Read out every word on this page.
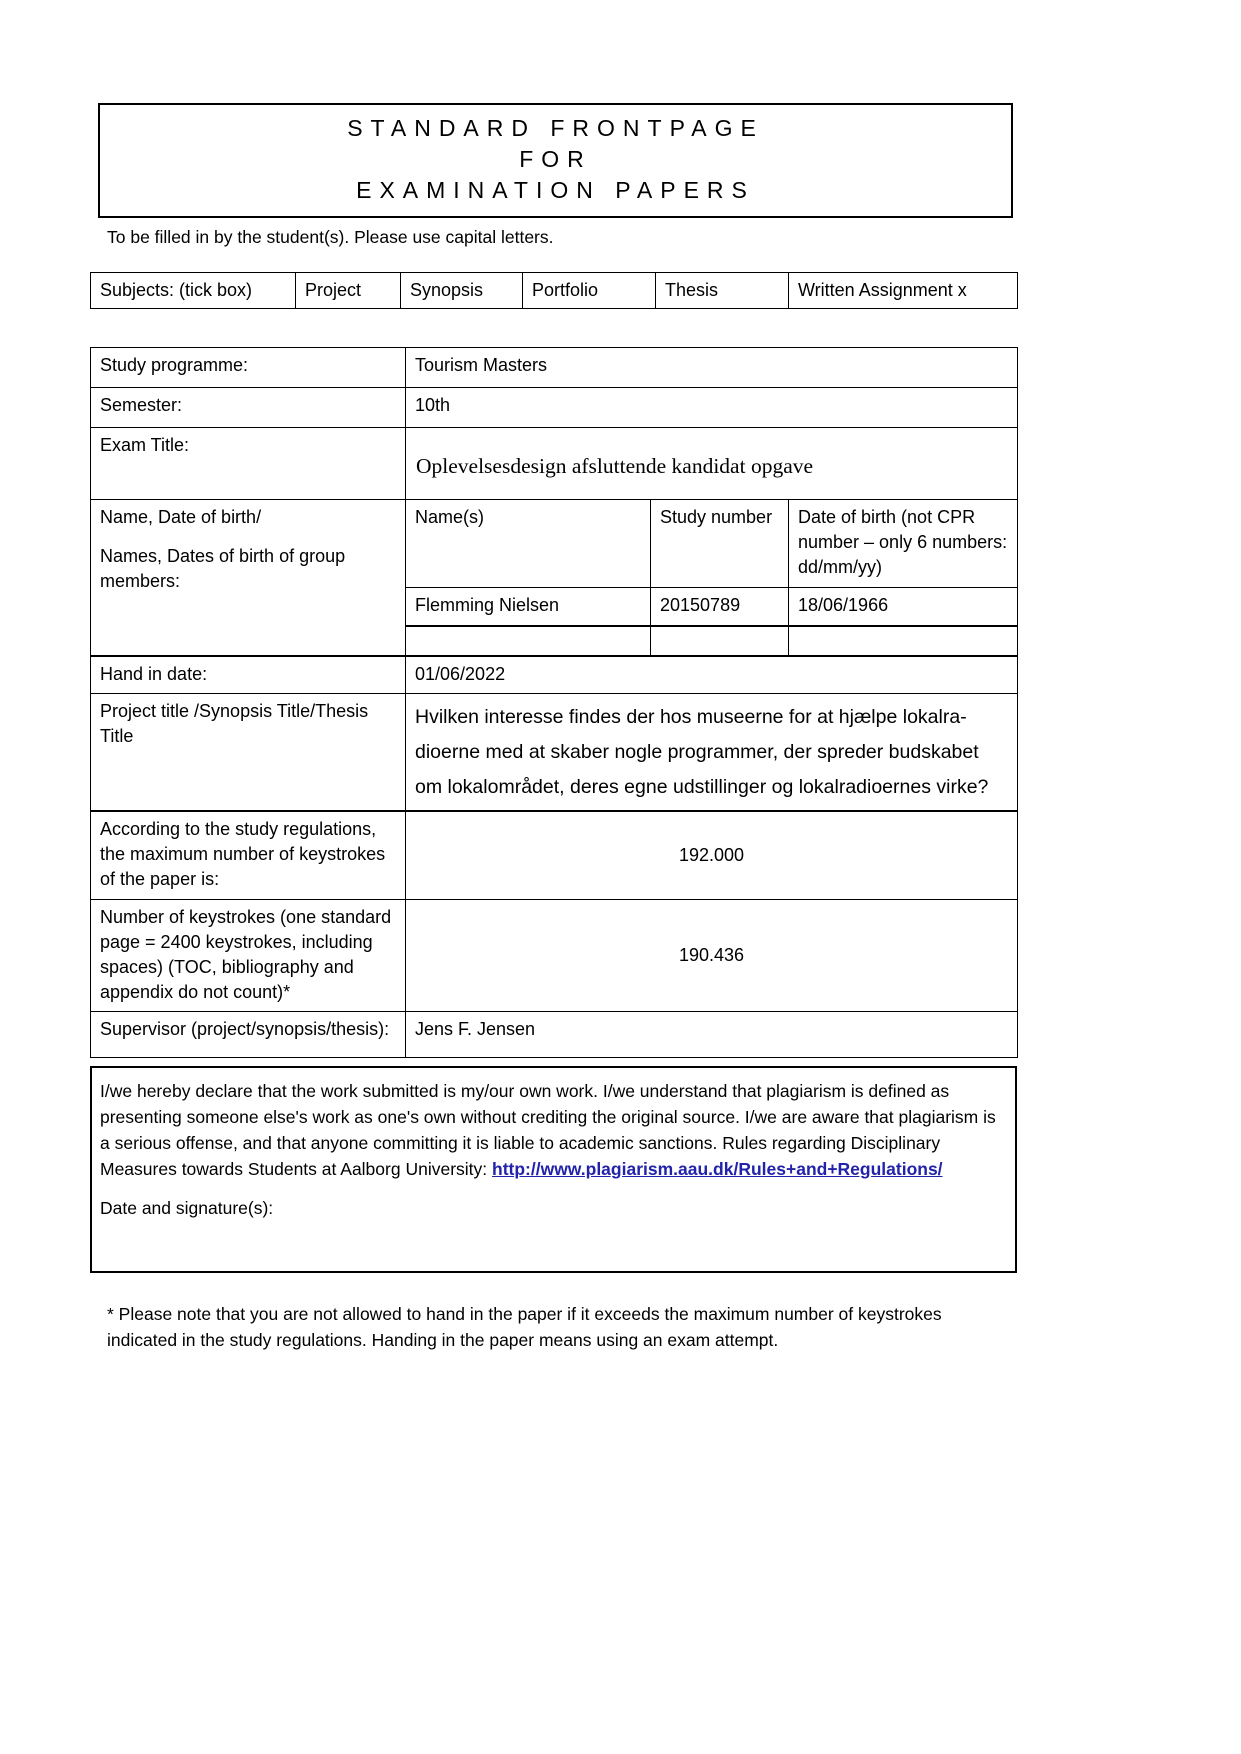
STANDARD FRONTPAGE
FOR
EXAMINATION PAPERS
To be filled in by the student(s). Please use capital letters.
Subjects: (tick box)	Project	Synopsis	Portfolio	Thesis	Written Assignment x
Study programme:	Tourism Masters		
Semester:	10th		
Exam Title:	Oplevelsesdesign afsluttende kandidat opgave		

Name, Date of birth/
Names, Dates of birth of group members:	Name(s)	Study number	Date of birth (not CPR number – only 6 numbers: dd/mm/yy)
	Flemming Nielsen	20150789	18/06/1966

Hand in date:	01/06/2022		
Project title /Synopsis Title/Thesis Title	Hvilken interesse findes der hos museerne for at hjælpe lokalra-
dioerne med at skaber nogle programmer, der spreder budskabet
om lokalområdet, deres egne udstillinger og lokalradioernes virke?		

According to the study regulations, the maximum number of keystrokes of the paper is:	192.000		
Number of keystrokes (one standard page = 2400 keystrokes, including spaces) (TOC, bibliography and appendix do not count)*	190.436		
Supervisor (project/synopsis/thesis):	Jens F. Jensen		
I/we hereby declare that the work submitted is my/our own work. I/we understand that plagiarism is defined as presenting someone else's work as one's own without crediting the original source. I/we are aware that plagiarism is a serious offense, and that anyone committing it is liable to academic sanctions. Rules regarding Disciplinary Measures towards Students at Aalborg University: http://www.plagiarism.aau.dk/Rules+and+Regulations/
Date and signature(s):
* Please note that you are not allowed to hand in the paper if it exceeds the maximum number of keystrokes indicated in the study regulations. Handing in the paper means using an exam attempt.
